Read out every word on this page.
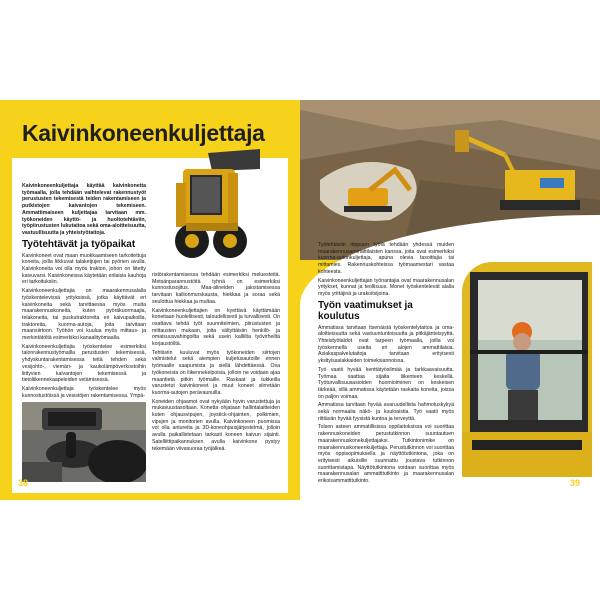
Kaivinkoneenkuljettaja

Kaivinkoneenkuljettaja käyttää kaivinkonetta työmaalla, jolla tehdään vaihtelevat rakennustyöt perustusten tekemisestä teiden rakentamiseen ja putkistojen kaivantojen tekemiseen. Ammattimaiseen kuljettajaa tarvitaan mm. työkoneiden käyttö- ja huoltotehtäviin, työpiirustusten lukutaitoa sekä oma-aloitteisuutta, vastuullisuutta ja yhteistyötaitoja.

Työtehtävät ja työpaikat

Kaivinkoneet ovat maan muokkaamiseen tarkoitettuja koneita, joilla liikkuvat talaketjujen tai pyörien avulla. Kaivinkoneita voi olla myös traktori, johon on liitetty kaivuvarsi. Kaivinkoneissa käytetään erilaisia kauhoja eri tarkoituksiin.

Kaivinkoneenkuljettajia on maarakennusalalla työskentelevissä yrityksissä, jotka käyttävät eri kaivinkoneita sekä tarvittaessa myös muita maarakennuskoneita, kuten pyöräkuormaajia, telakoneita, tai puskutraktoreita eri kaivupaikoilla, traktoreita, kuorma-autoja, joita tarvitaan maansiirtoon. Työhön voi kuulua myös mittaus- ja merkintätöitä esimerkiksi kanaalityömaalla.

Kaivinkoneenkuljettajia työskentelee esimerkiksi talonrakennustyömailla perustusten tekemisessä, yhdyskuntarakentamisessa teitä tehden sekä vesijohto-, viemäri- ja kaukolämpöverkostoihin liittyvien kaivantojen tekemisessä ja tietoliikennekaapeleiden vetämisessä.

Kaivinkoneenkuljettaja työskentelee myös kunnostustöissä ja vesistöjen rakentamisessa. Ympä-

ristörakentamisessa tehdään esimerkiksi meluesteitä. Metsänparannustöitä tyhnä on esimerkiksi kunnostusojitus. Maa-alineiden jalostamisessa tarvitaan kallionmurskausta, hiekkaa ja soraa sekä seulottua hiekkaa ja multaa.

Kaivinkoneenkuljettajien on kyettävä käyttämään koneitaan huolellisesti, taloudellisesti ja turvallisesti. On osattava tehdä työt suunnitelmien, piirustusten ja mittausten mukaan, joita vältyttäisiin henkilö- ja omaisuusvahingoilta sekä usein kalliilta työvirheiltä korjaustöiltä.

Tehtäviin kuuluvat myös työkoneiden siirtojen valmistelut sekä aiempien kuljetusautoille ennen työmaalle saapumista ja siellä lähdettäessä. Osa työkoneista on liikennekelpoisia, jolloin ne voidaan ajaa maantietä pitkin työmaille. Raskaat ja tukkeilla varustetut kaivinkoneet ja muut koneet siirretään kuorma-autojen perävaunuilla.

Koneiden ohjaamot ovat nykyään hyvin varustettuja ja mukavuustasoltaan. Konetta ohjataan hallintalaitteiden kuten ohjausvipujen, joystick-ohjainten, polkimien, vipujen ja monitorien avulla. Kaivinkoneen puomissa voi olla antureita ja 3D-koneohjausjärjestelmä, jolloin avulla paikallistetaan tarkasti koneen kaivun sijainti. Satelliittipaikannuksen avulla kaivinkone pystyy tekemään viivasuoraa työjälkeä.

38

Työtehtäviin riippuen työtä tehdään yhdessä muiden maarakennusammattilaisten kanssa, joita ovat esimerkiksi kuorma-autonkuljettaja, apuna olevia tasoittajia tai mittamies. Rakennuskohteissa työmaamestari vastaa kohteesta.

Kaivinkoneenkuljettajan työnantajia ovat maarakennusalan yritykset, kunnat ja teollisuus. Monet työskentelevät alalla myös yrittäjinä ja urakoitsijoina.

Työn vaatimukset ja koulutus

Ammatissa tarvitaan itsenäistä työskentelytaitoa ja oma-aloitteisuutta sekä vastuuntuntoisuutta ja pitkäjänteisyyttä. Yhteistyötaidot ovat tarpeen työmaalla, joilla voi työskennellä useita eri alojen ammattilaisia. Asiakaspalvelutaitoja tarvitaan erityisesti yksityisasiakkaiden toimeksiannoissa.

Työ vaatii hyvää kenttätyösilmää ja tarkkaavaisuutta. Työmaa saattaa sijaita liikenteen keskellä. Työturvallisuusasioiden huomioiminen on keskeisen tärkeää, sillä ammatissa käytetään raskaita koneita, joissa on paljon voimaa.

Ammatissa tarvitaan hyvää avaruudellista hahmotuskykyä sekä normaalia näkö- ja kuuloaistia. Työ vaatii myös riittävän hyvää fyysistä kuntoa ja terveyttä.

Tolsen asteen ammatillisissa oppilaitoksissa voi suorittaa rakennuskoneiden perustutkinnon suuntautuen maarakennuskonekuljettajaksi. Tutkintonimike on maarakennuskoneenkuljettaja. Perustutkinnon voi suorittaa myös oppisopimuksella ja näyttötutkintona, joka on erityisesti aikuisille suunnattu joustava tutkinnon suorittamistapa. Näyttötutkintona voidaan suorittaa myös maarakennusalan ammattitutkinto ja maarakennusalan erikoisammattitutkinto.	39
